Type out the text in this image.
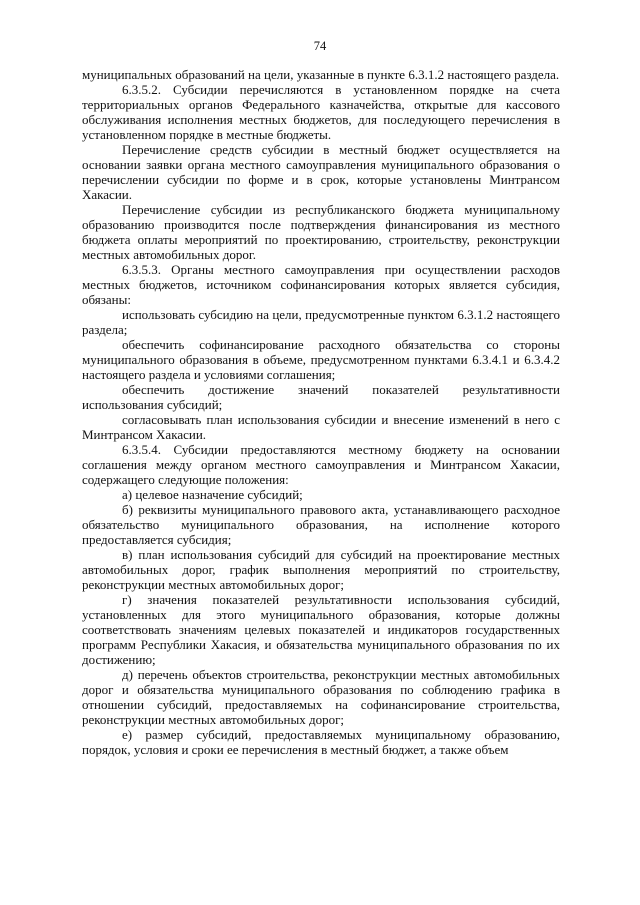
74

муниципальных образований на цели, указанные в пункте 6.3.1.2 настоящего раздела.

6.3.5.2. Субсидии перечисляются в установленном порядке на счета территориальных органов Федерального казначейства, открытые для кассового обслуживания исполнения местных бюджетов, для последующего перечисления в установленном порядке в местные бюджеты.

Перечисление средств субсидии в местный бюджет осуществляется на основании заявки органа местного самоуправления муниципального образования о перечислении субсидии по форме и в срок, которые установлены Минтрансом Хакасии.

Перечисление субсидии из республиканского бюджета муниципальному образованию производится после подтверждения финансирования из местного бюджета оплаты мероприятий по проектированию, строительству, реконструкции местных автомобильных дорог.

6.3.5.3. Органы местного самоуправления при осуществлении расходов местных бюджетов, источником софинансирования которых является субсидия, обязаны:

использовать субсидию на цели, предусмотренные пунктом 6.3.1.2 настоящего раздела;

обеспечить софинансирование расходного обязательства со стороны муниципального образования в объеме, предусмотренном пунктами 6.3.4.1 и 6.3.4.2 настоящего раздела и условиями соглашения;

обеспечить достижение значений показателей результативности использования субсидий;

согласовывать план использования субсидии и внесение изменений в него с Минтрансом Хакасии.

6.3.5.4. Субсидии предоставляются местному бюджету на основании соглашения между органом местного самоуправления и Минтрансом Хакасии, содержащего следующие положения:

а) целевое назначение субсидий;

б) реквизиты муниципального правового акта, устанавливающего расходное обязательство муниципального образования, на исполнение которого предоставляется субсидия;

в) план использования субсидий для субсидий на проектирование местных автомобильных дорог, график выполнения мероприятий по строительству, реконструкции местных автомобильных дорог;

г) значения показателей результативности использования субсидий, установленных для этого муниципального образования, которые должны соответствовать значениям целевых показателей и индикаторов государственных программ Республики Хакасия, и обязательства муниципального образования по их достижению;

д) перечень объектов строительства, реконструкции местных автомобильных дорог и обязательства муниципального образования по соблюдению графика в отношении субсидий, предоставляемых на софинансирование строительства, реконструкции местных автомобильных дорог;

е) размер субсидий, предоставляемых муниципальному образованию, порядок, условия и сроки ее перечисления в местный бюджет, а также объем
